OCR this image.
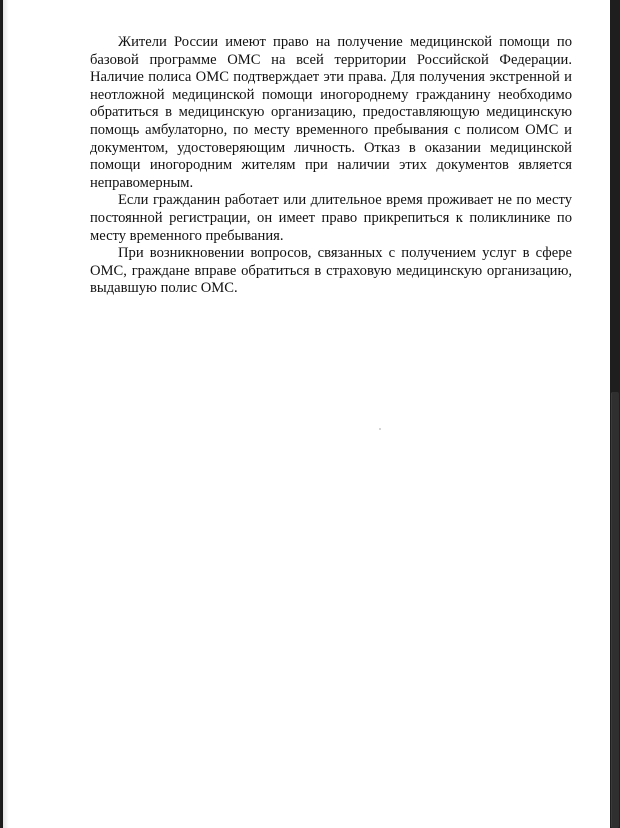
Жители России имеют право на получение медицинской помощи по базовой программе ОМС на всей территории Российской Федерации. Наличие полиса ОМС подтверждает эти права. Для получения экстренной и неотложной медицинской помощи иногороднему гражданину необходимо обратиться в медицинскую организацию, предоставляющую медицинскую помощь амбулаторно, по месту временного пребывания с полисом ОМС и документом, удостоверяющим личность. Отказ в оказании медицинской помощи иногородним жителям при наличии этих документов является неправомерным.

Если гражданин работает или длительное время проживает не по месту постоянной регистрации, он имеет право прикрепиться к поликлинике по месту временного пребывания.

При возникновении вопросов, связанных с получением услуг в сфере ОМС, граждане вправе обратиться в страховую медицинскую организацию, выдавшую полис ОМС.
